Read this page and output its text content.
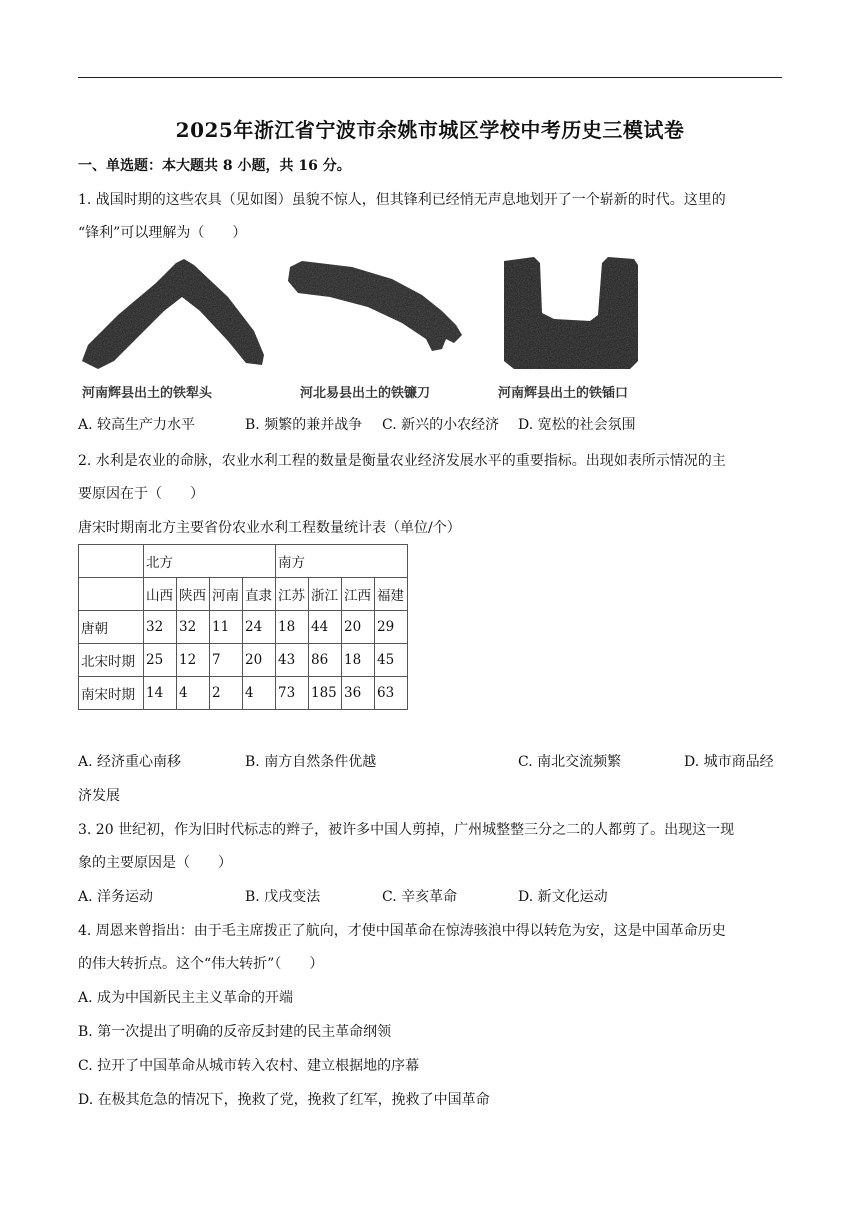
2025年浙江省宁波市余姚市城区学校中考历史三模试卷
一、单选题：本大题共 8 小题，共 16 分。
1. 战国时期的这些农具（见如图）虽貌不惊人，但其锋利已经悄无声息地划开了一个崭新的时代。这里的
“锋利”可以理解为（　　）
河南辉县出土的铁犁头	河北易县出土的铁镰刀	河南辉县出土的铁锸口
A. 较高生产力水平	B. 频繁的兼并战争 C. 新兴的小农经济 D. 宽松的社会氛围
2. 水利是农业的命脉，农业水利工程的数量是衡量农业经济发展水平的重要指标。出现如表所示情况的主
要原因在于（　　）
唐宋时期南北方主要省份农业水利工程数量统计表（单位/个）
	北方				南方			
	山西	陕西	河南	直隶	江苏	浙江	江西	福建
唐朝	32	32	11	24	18	44	20	29
北宋时期	25	12	7	20	43	86	18	45
南宋时期	14	4	2	4	73	185	36	63
A. 经济重心南移	B. 南方自然条件优越	C. 南北交流频繁	D. 城市商品经
济发展
3. 20 世纪初，作为旧时代标志的辫子，被许多中国人剪掉，广州城整整三分之二的人都剪了。出现这一现
象的主要原因是（　　）
A. 洋务运动	B. 戊戌变法	C. 辛亥革命	D. 新文化运动
4. 周恩来曾指出：由于毛主席拨正了航向，才使中国革命在惊涛骇浪中得以转危为安，这是中国革命历史
的伟大转折点。这个“伟大转折”（　　）
A. 成为中国新民主主义革命的开端
B. 第一次提出了明确的反帝反封建的民主革命纲领
C. 拉开了中国革命从城市转入农村、建立根据地的序幕
D. 在极其危急的情况下，挽救了党，挽救了红军，挽救了中国革命
